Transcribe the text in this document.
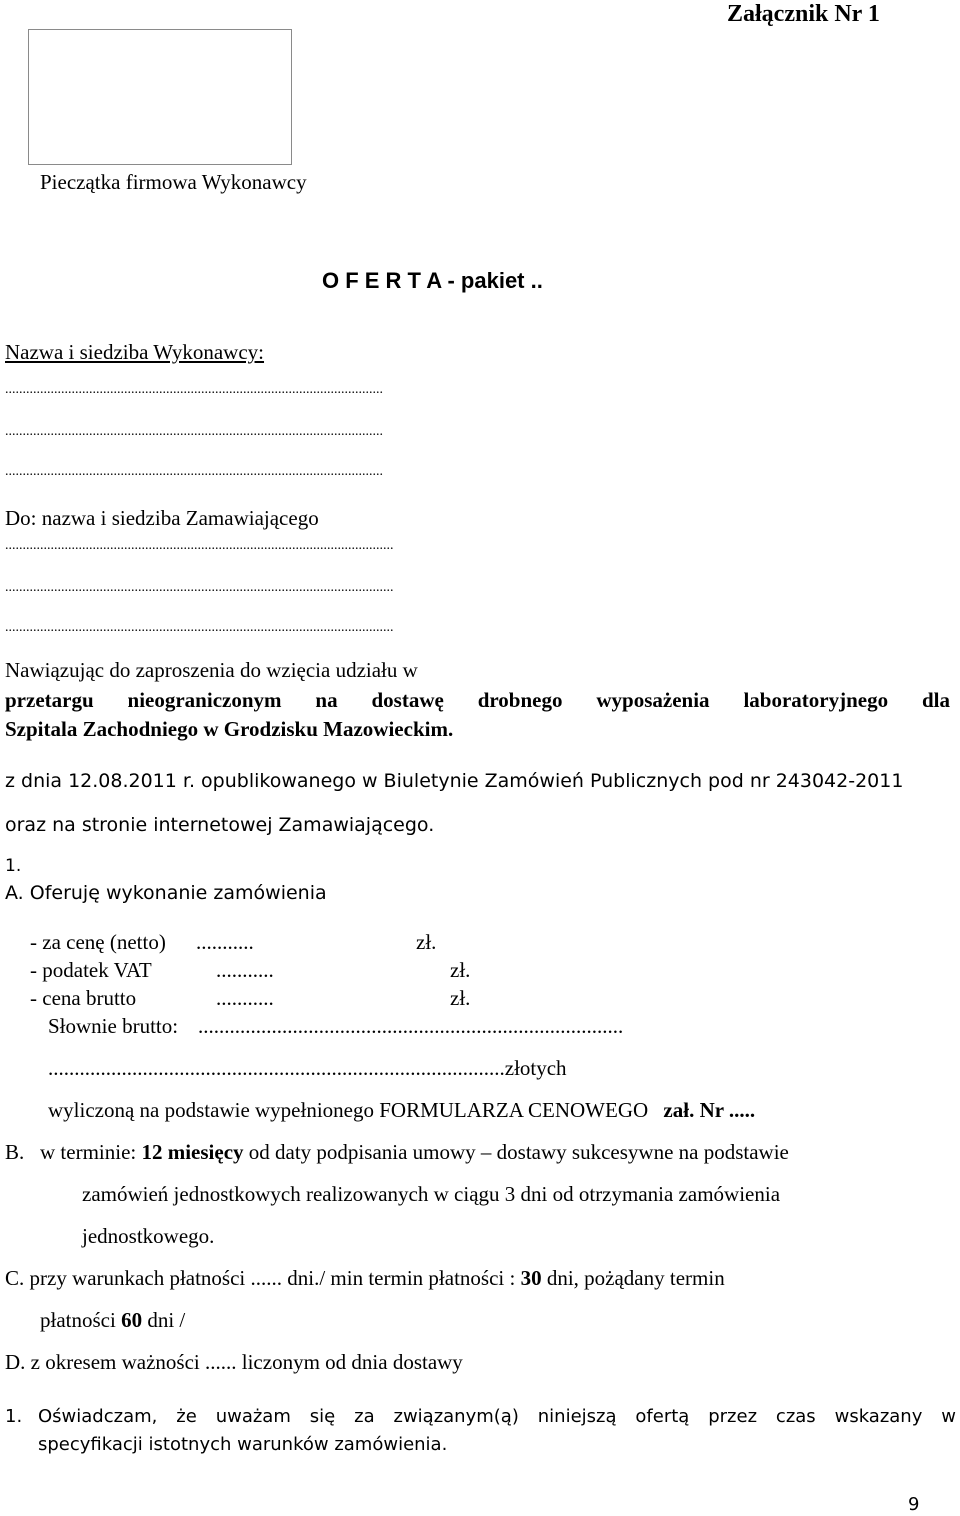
Załącznik Nr 1
Pieczątka firmowa Wykonawcy
O F E R T A - pakiet ..
Nazwa i siedziba Wykonawcy:
............................................................................................................
............................................................................................................
............................................................................................................
Do: nazwa i siedziba Zamawiającego
...............................................................................................................
...............................................................................................................
...............................................................................................................
Nawiązując do zaproszenia do wzięcia udziału w
przetargu nieograniczonym na dostawę drobnego wyposażenia laboratoryjnego dla
Szpitala Zachodniego w Grodzisku Mazowieckim.
z dnia 12.08.2011 r. opublikowanego w Biuletynie Zamówień Publicznych pod nr 243042-2011
oraz na stronie internetowej Zamawiającego.
1.
A. Oferuję wykonanie zamówienia
- za cenę (netto) ...........	zł.
- podatek VAT	...........	zł.
- cena brutto	...........	zł.
Słownie brutto: .................................................................................
.......................................................................................złotych
wyliczoną na podstawie wypełnionego FORMULARZA CENOWEGO zał. Nr .....
B. w terminie: 12 miesięcy od daty podpisania umowy – dostawy sukcesywne na podstawie
zamówień jednostkowych realizowanych w ciągu 3 dni od otrzymania zamówienia
jednostkowego.
C. przy warunkach płatności ...... dni./ min termin płatności : 30 dni, pożądany termin
płatności 60 dni /
D. z okresem ważności ...... liczonym od dnia dostawy
1. Oświadczam, że uważam się za związanym(ą) niniejszą ofertą przez czas wskazany w
specyfikacji istotnych warunków zamówienia.
9
